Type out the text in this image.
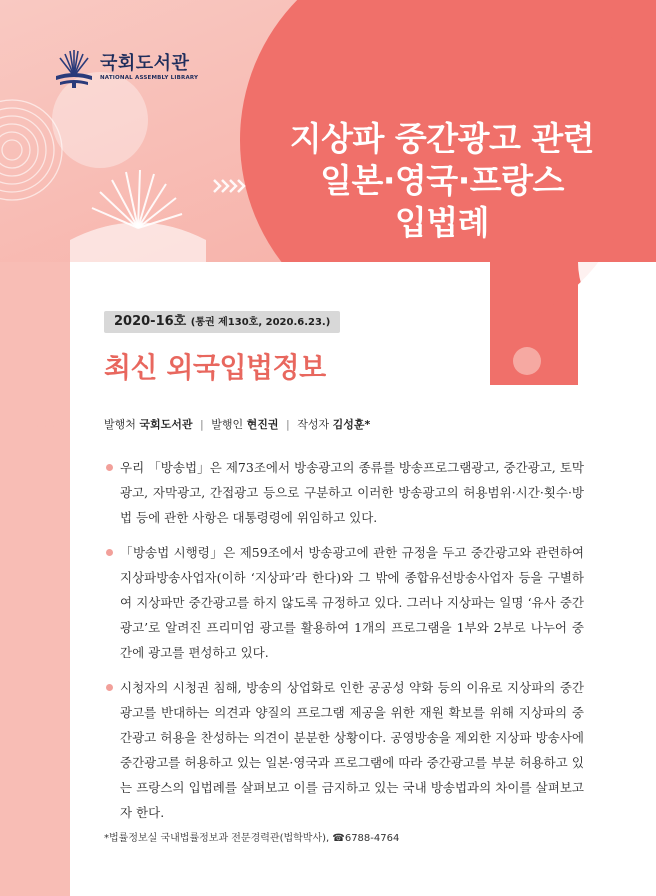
국회도서관
NATIONAL ASSEMBLY LIBRARY
지상파 중간광고 관련
일본·영국·프랑스
입법례
2020-16호 (통권 제130호, 2020.6.23.)
최신 외국입법정보
발행처 국회도서관 | 발행인 현진권 | 작성자 김성훈*
우리 「방송법」은 제73조에서 방송광고의 종류를 방송프로그램광고, 중간광고, 토막광고, 자막광고, 간접광고 등으로 구분하고 이러한 방송광고의 허용범위·시간·횟수·방법 등에 관한 사항은 대통령령에 위임하고 있다.
「방송법 시행령」은 제59조에서 방송광고에 관한 규정을 두고 중간광고와 관련하여 지상파방송사업자(이하 ‘지상파’라 한다)와 그 밖에 종합유선방송사업자 등을 구별하여 지상파만 중간광고를 하지 않도록 규정하고 있다. 그러나 지상파는 일명 ‘유사 중간광고’로 알려진 프리미엄 광고를 활용하여 1개의 프로그램을 1부와 2부로 나누어 중간에 광고를 편성하고 있다.
시청자의 시청권 침해, 방송의 상업화로 인한 공공성 약화 등의 이유로 지상파의 중간광고를 반대하는 의견과 양질의 프로그램 제공을 위한 재원 확보를 위해 지상파의 중간광고 허용을 찬성하는 의견이 분분한 상황이다. 공영방송을 제외한 지상파 방송사에 중간광고를 허용하고 있는 일본·영국과 프로그램에 따라 중간광고를 부분 허용하고 있는 프랑스의 입법례를 살펴보고 이를 금지하고 있는 국내 방송법과의 차이를 살펴보고자 한다.
*법률정보실 국내법률정보과 전문경력관(법학박사), ☎6788-4764
